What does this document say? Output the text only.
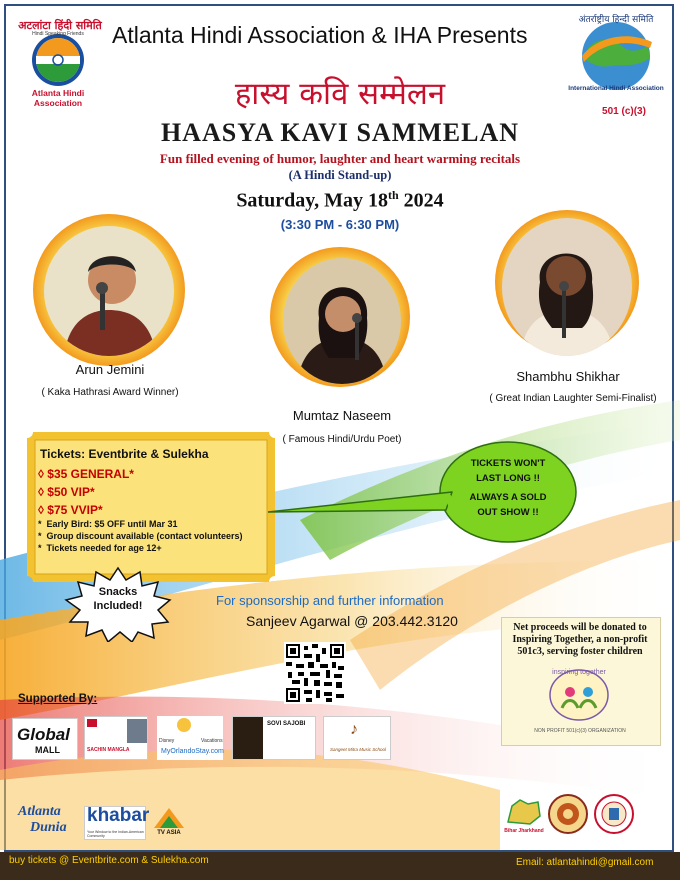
अटलांटा हिंदी समिति
Hindi Speaking Friends
Atlanta Hindi Association
Atlanta Hindi Association & IHA Presents
अंतर्राष्ट्रीय हिन्दी समिति
International Hindi Association
501 (c)(3)
हास्य कवि सम्मेलन
HAASYA KAVI SAMMELAN
Fun filled evening of humor, laughter and heart warming recitals
(A Hindi Stand-up)
Saturday, May 18th 2024
(3:30 PM - 6:30 PM)
Arun Jemini
( Kaka Hathrasi Award Winner)
Mumtaz Naseem
( Famous Hindi/Urdu Poet)
Shambhu Shikhar
( Great Indian Laughter Semi-Finalist)
Tickets: Eventbrite & Sulekha
◊ $35 GENERAL*
◊ $50 VIP*
◊ $75 VVIP*
*  Early Bird: $5 OFF until Mar 31
*  Group discount available (contact volunteers)
*  Tickets needed for age 12+
TICKETS WON'T
LAST LONG !!
ALWAYS A SOLD
OUT SHOW !!
Snacks
Included!	For sponsorship and further information
Sanjeev Agarwal @ 203.442.3120	Net proceeds will be donated to Inspiring Together, a non-profit 501c3, serving foster children
inspiring together
NON PROFIT 501(c)(3) ORGANIZATION
Supported By:
Global
MALL	SACHIN MANGLA
Disney	Vacations
MyOrlandoStay.com
SOVI SAJOBI	♪
Sangeet Mitra Music School
Atlanta
Dunia
khabar
Your Window to the Indian-American Community	TV ASIA	Bihar Jharkhand
buy tickets @ Eventbrite.com & Sulekha.com	Email: atlantahindi@gmail.com
